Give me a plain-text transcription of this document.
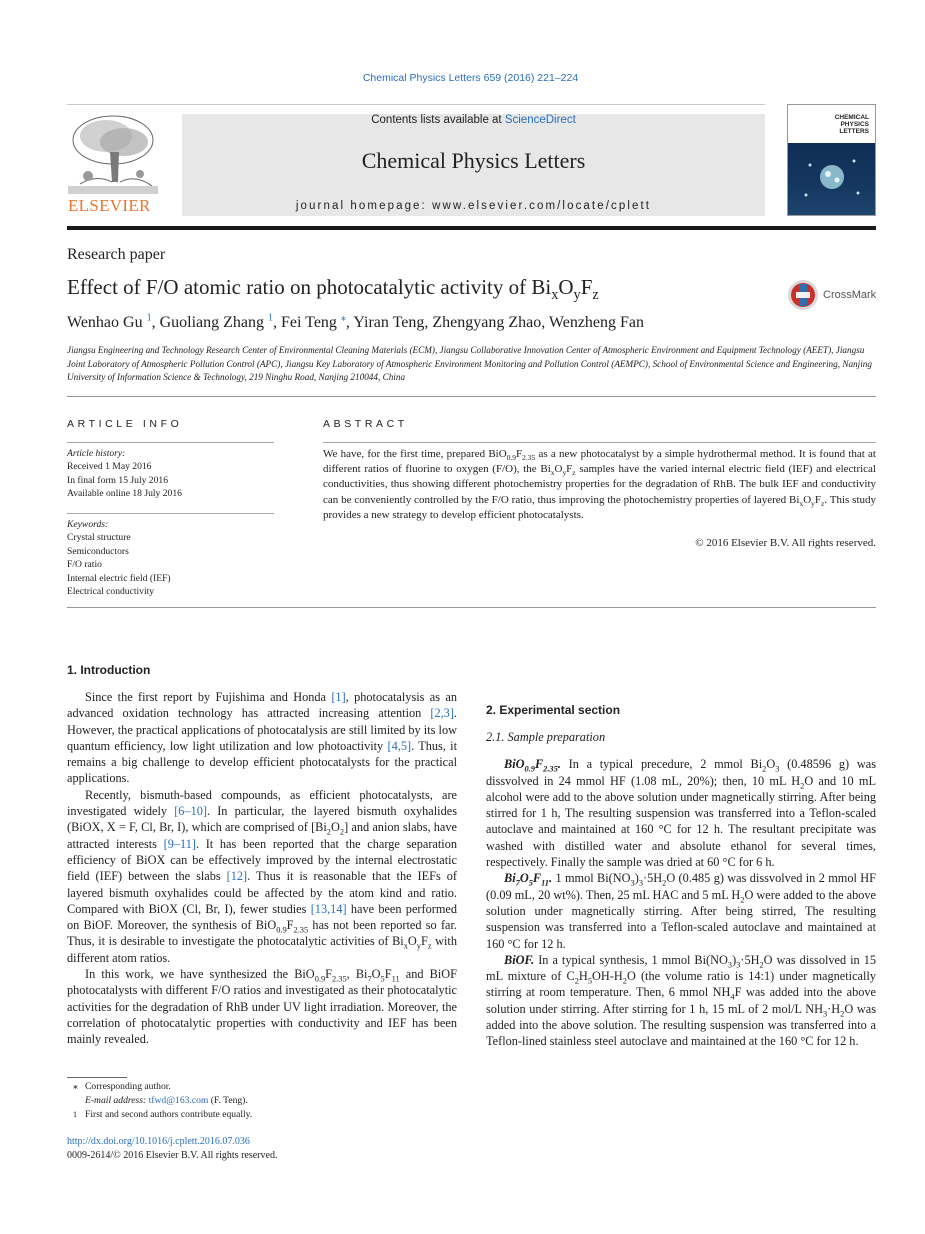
Chemical Physics Letters 659 (2016) 221–224
ELSEVIER
Contents lists available at ScienceDirect
Chemical Physics Letters
journal homepage: www.elsevier.com/locate/cplett
CHEMICAL
PHYSICS
LETTERS
Research paper
Effect of F/O atomic ratio on photocatalytic activity of $Bi_xO_yF_z$	CrossMark
Wenhao Gu $^1$, Guoliang Zhang $^1$, Fei Teng ⁎, Yiran Teng, Zhengyang Zhao, Wenzheng Fan
Jiangsu Engineering and Technology Research Center of Environmental Cleaning Materials (ECM), Jiangsu Collaborative Innovation Center of Atmospheric Environment and Equipment Technology (AEET), Jiangsu Joint Laboratory of Atmospheric Pollution Control (APC), Jiangsu Key Laboratory of Atmospheric Environment Monitoring and Pollution Control (AEMPC), School of Environmental Science and Engineering, Nanjing University of Information Science & Technology, 219 Ninghu Road, Nanjing 210044, China
ARTICLE INFO	ABSTRACT
Article history:
Received 1 May 2016
In final form 15 July 2016
Available online 18 July 2016
Keywords:
Crystal structure
Semiconductors
F/O ratio
Internal electric field (IEF)
Electrical conductivity
We have, for the first time, prepared $BiO_{0.9}F_{2.35}$ as a new photocatalyst by a simple hydrothermal method. It is found that at different ratios of fluorine to oxygen (F/O), the $Bi_xO_yF_z$ samples have the varied internal electric field (IEF) and electrical conductivities, thus showing different photochemistry properties for the degradation of RhB. The bulk IEF and conductivity can be conveniently controlled by the F/O ratio, thus improving the photochemistry properties of layered $Bi_xO_yF_z$. This study provides a new strategy to develop efficient photocatalysts.
© 2016 Elsevier B.V. All rights reserved.
1. Introduction

Since the first report by Fujishima and Honda [1], photocatalysis as an advanced oxidation technology has attracted increasing attention [2,3]. However, the practical applications of photocatalysis are still limited by its low quantum efficiency, low light utilization and low photoactivity [4,5]. Thus, it remains a big challenge to develop efficient photocatalysts for the practical applications.

Recently, bismuth-based compounds, as efficient photocatalysts, are investigated widely [6–10]. In particular, the layered bismuth oxyhalides (BiOX, X = F, Cl, Br, I), which are comprised of $[Bi_2O_2]$ and anion slabs, have attracted interests [9–11]. It has been reported that the charge separation efficiency of BiOX can be effectively improved by the internal electrostatic field (IEF) between the slabs [12]. Thus it is reasonable that the IEFs of layered bismuth oxyhalides could be affected by the atom kind and ratio. Compared with BiOX (Cl, Br, I), fewer studies [13,14] have been performed on BiOF. Moreover, the synthesis of $BiO_{0.9}F_{2.35}$ has not been reported so far. Thus, it is desirable to investigate the photocatalytic activities of $Bi_xO_yF_z$ with different atom ratios.

In this work, we have synthesized the $BiO_{0.9}F_{2.35}$, $Bi_7O_5F_{11}$ and BiOF photocatalysts with different F/O ratios and investigated as their photocatalytic activities for the degradation of RhB under UV light irradiation. Moreover, the correlation of photocatalytic properties with conductivity and IEF has been mainly revealed.

2. Experimental section
2.1. Sample preparation

$BiO_{0.9}F_{2.35}$. In a typical precedure, 2 mmol $Bi_2O_3$ (0.48596 g) was dissvolved in 24 mmol HF (1.08 mL, 20%); then, 10 mL $H_2O$ and 10 mL alcohol were add to the above solution under magnetically stirring. After being stirred for 1 h, The resulting suspension was transferred into a Teflon-scaled autoclave and maintained at 160 °C for 12 h. The resultant precipitate was washed with distilled water and absolute ethanol for several times, respectively. Finally the sample was dried at 60 °C for 6 h.

$Bi_7O_5F_{11}$. 1 mmol $Bi(NO_3)_3\cdot 5H_2O$ (0.485 g) was dissvolved in 2 mmol HF (0.09 mL, 20 wt%). Then, 25 mL HAC and 5 mL $H_2O$ were added to the above solution under magnetically stirring. After being stirred, The resulting suspension was transferred into a Teflon-scaled autoclave and maintained at 160 °C for 12 h.

BiOF. In a typical synthesis, 1 mmol $Bi(NO_3)_3\cdot 5H_2O$ was dissolved in 15 mL mixture of $C_2H_5OH-H_2O$ (the volume ratio is 14:1) under magnetically stirring at room temperature. Then, 6 mmol $NH_4F$ was added into the above solution under stirring. After stirring for 1 h, 15 mL of 2 mol/L $NH_3\cdot H_2O$ was added into the above solution. The resulting suspension was transferred into a Teflon-lined stainless steel autoclave and maintained at the 160 °C for 12 h.

⁎ Corresponding author.
E-mail address: tfwd@163.com (F. Teng).
1 First and second authors contribute equally.
http://dx.doi.org/10.1016/j.cplett.2016.07.036
0009-2614/© 2016 Elsevier B.V. All rights reserved.
